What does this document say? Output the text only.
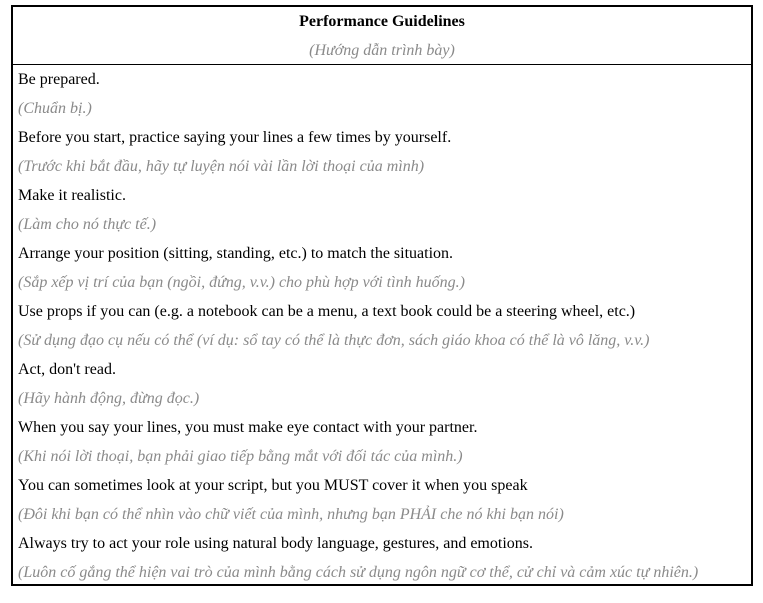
Performance Guidelines
(Hướng dẫn trình bày)
Be prepared.
(Chuẩn bị.)
Before you start, practice saying your lines a few times by yourself.
(Trước khi bắt đầu, hãy tự luyện nói vài lần lời thoại của mình)
Make it realistic.
(Làm cho nó thực tế.)
Arrange your position (sitting, standing, etc.) to match the situation.
(Sắp xếp vị trí của bạn (ngồi, đứng, v.v.) cho phù hợp với tình huống.)
Use props if you can (e.g. a notebook can be a menu, a text book could be a steering wheel, etc.)
(Sử dụng đạo cụ nếu có thể (ví dụ: sổ tay có thể là thực đơn, sách giáo khoa có thể là vô lăng, v.v.)
Act, don't read.
(Hãy hành động, đừng đọc.)
When you say your lines, you must make eye contact with your partner.
(Khi nói lời thoại, bạn phải giao tiếp bằng mắt với đối tác của mình.)
You can sometimes look at your script, but you MUST cover it when you speak
(Đôi khi bạn có thể nhìn vào chữ viết của mình, nhưng bạn PHẢI che nó khi bạn nói)
Always try to act your role using natural body language, gestures, and emotions.
(Luôn cố gắng thể hiện vai trò của mình bằng cách sử dụng ngôn ngữ cơ thể, cử chỉ và cảm xúc tự nhiên.)
